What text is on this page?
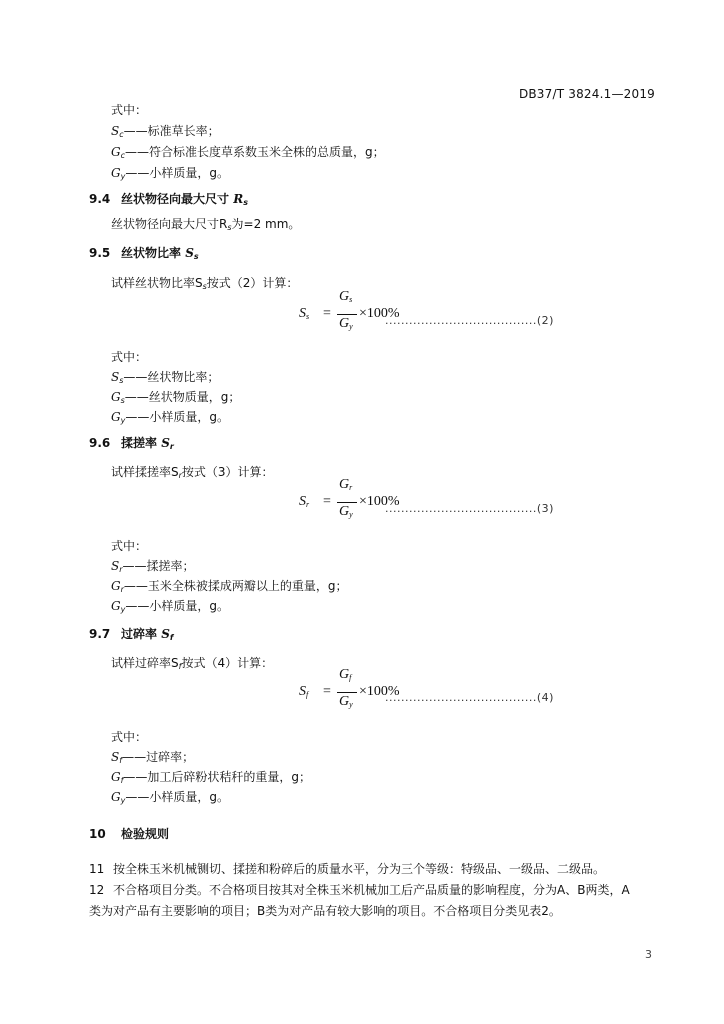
DB37/T 3824.1—2019
式中：
$S_c——$标准草长率；
$G_c——$符合标准长度草系数玉米全株的总质量，g；
$G_y——$小样质量，g。
9.4 丝状物径向最大尺寸 $R_s$
丝状物径向最大尺寸$R_s$为=2 mm。
9.5 丝状物比率 $S_s$
试样丝状物比率$S_s$按式（2）计算：
$S_s$ =
$G_s$
$G_y$
×100%
......................................(2)
式中：
$S_s——$丝状物比率；
$G_s——$丝状物质量，g；
$G_y——$小样质量，g。
9.6 揉搓率 $S_r$
试样揉搓率$S_r$按式（3）计算：
$S_r$ =
$G_r$
$G_y$
×100%
......................................(3)
式中：
$S_r——$揉搓率；
$G_r——$玉米全株被揉成两瓣以上的重量，g；
$G_y——$小样质量，g。
9.7 过碎率 $S_f$
试样过碎率$S_f$按式（4）计算：
$S_f$ =
$G_f$
$G_y$
×100%
......................................(4)
式中：
$S_f——$过碎率；
$G_f——$加工后碎粉状秸秆的重量，g；
$G_y——$小样质量，g。
10 检验规则
11 按全株玉米机械铡切、揉搓和粉碎后的质量水平，分为三个等级：特级品、一级品、二级品。
12 不合格项目分类。不合格项目按其对全株玉米机械加工后产品质量的影响程度，分为A、B两类，A
类为对产品有主要影响的项目；B类为对产品有较大影响的项目。不合格项目分类见表2。
3
